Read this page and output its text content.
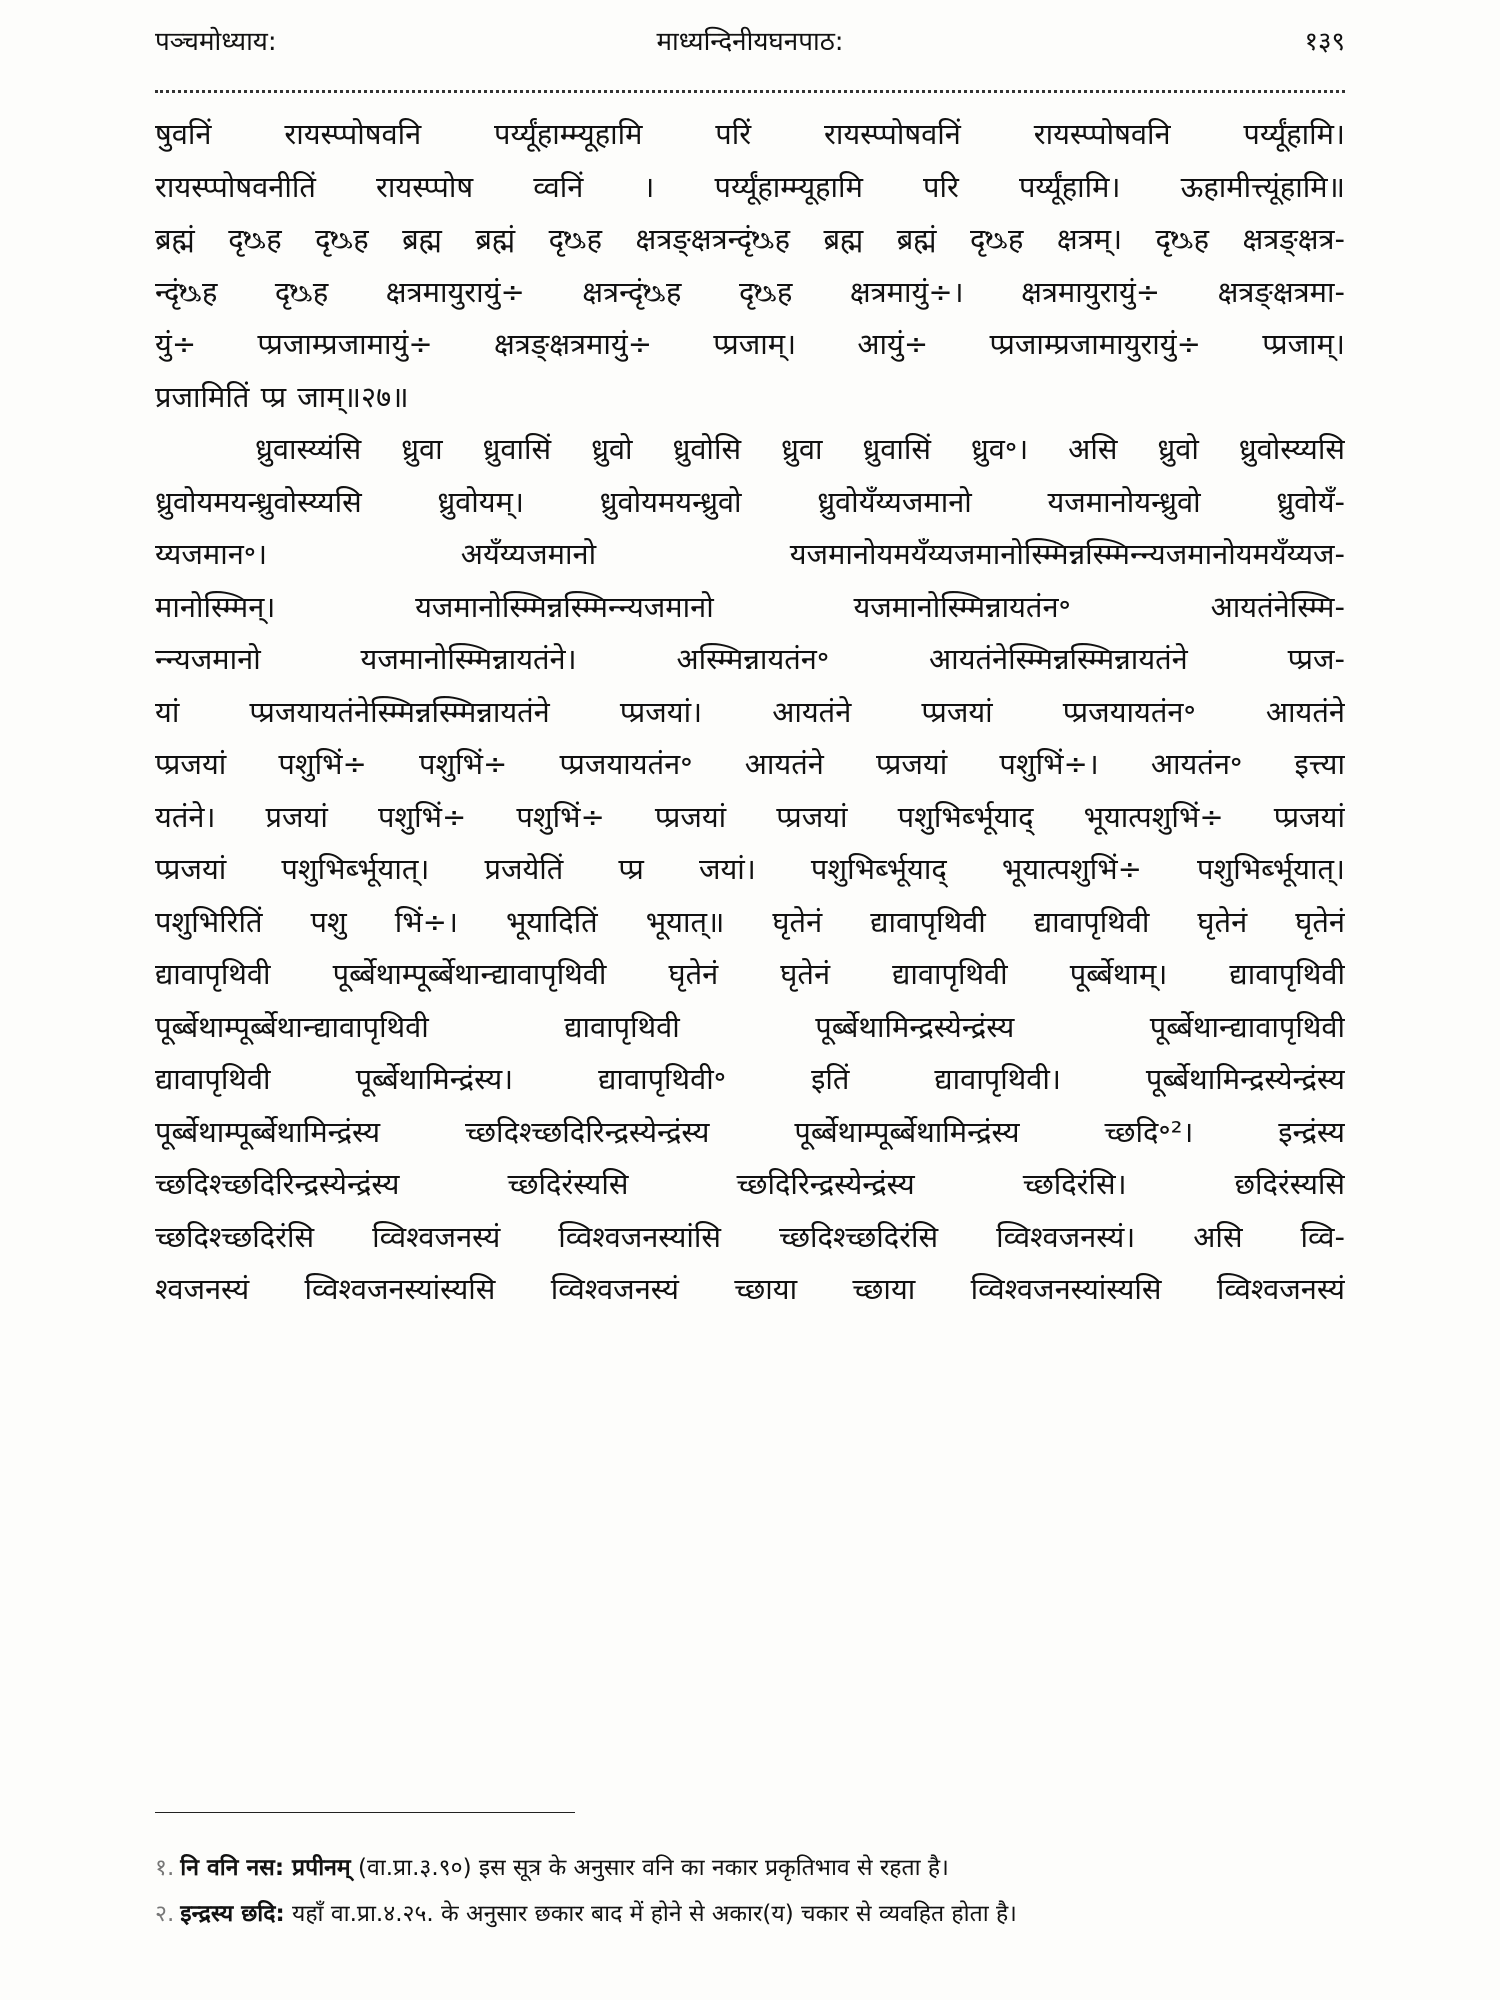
पञ्चमोध्याय:	माध्यन्दिनीयघनपाठ:	१३९
षुवनिं रायस्प्पोषवनि पर्य्यूंहाम्म्यूहामि परिं रायस्प्पोषवनिं रायस्प्पोषवनि पर्य्यूंहामि।
रायस्प्पोषवनीतिं रायस्प्पोष व्वनिं । पर्य्यूंहाम्म्यूहामि परि पर्य्यूंहामि। ऊहामीत्त्यूंहामि॥
ब्रह्मं दृᳬह दृᳬह ब्रह्म ब्रह्मं दृᳬह क्षत्रङ्क्षत्रन्दृंᳬह ब्रह्म ब्रह्मं दृᳬह क्षत्रम्। दृᳬह क्षत्रङ्क्षत्र-
न्दृंᳬह दृᳬह क्षत्रमायुरायुं÷ क्षत्रन्दृंᳬह दृᳬह क्षत्रमायुं÷। क्षत्रमायुरायुं÷ क्षत्रङ्क्षत्रमा-
युं÷ प्प्रजाम्प्रजामायुं÷ क्षत्रङ्क्षत्रमायुं÷ प्प्रजाम्। आयुं÷ प्प्रजाम्प्रजामायुरायुं÷ प्प्रजाम्।
प्रजामितिं प्प्र जाम्॥२७॥
ध्रुवास्य्यंसि ध्रुवा ध्रुवासिं ध्रुवो ध्रुवोसि ध्रुवा ध्रुवासिं ध्रुव॰। असि ध्रुवो ध्रुवोस्य्यसि
ध्रुवोयमयन्ध्रुवोस्य्यसि ध्रुवोयम्। ध्रुवोयमयन्ध्रुवो ध्रुवोयँय्यजमानो यजमानोयन्ध्रुवो ध्रुवोयँ-
य्यजमान॰। अयँय्यजमानो यजमानोयमयँय्यजमानोस्म्मिन्नस्म्मिन्न्यजमानोयमयँय्यज-
मानोस्म्मिन्। यजमानोस्म्मिन्नस्म्मिन्न्यजमानो यजमानोस्म्मिन्नायतंन॰ आयतंनेस्म्मि-
न्न्यजमानो यजमानोस्म्मिन्नायतंने। अस्म्मिन्नायतंन॰ आयतंनेस्म्मिन्नस्म्मिन्नायतंने प्प्रज-
यां प्प्रजयायतंनेस्म्मिन्नस्म्मिन्नायतंने प्प्रजयां। आयतंने प्प्रजयां प्प्रजयायतंन॰ आयतंने
प्प्रजयां पशुभिं÷ पशुभिं÷ प्प्रजयायतंन॰ आयतंने प्प्रजयां पशुभिं÷। आयतंन॰ इत्त्या
यतंने। प्रजयां पशुभिं÷ पशुभिं÷ प्प्रजयां प्प्रजयां पशुभिर्ब्भूयाद् भूयात्पशुभिं÷ प्प्रजयां
प्प्रजयां पशुभिर्ब्भूयात्। प्रजयेतिं प्प्र जयां। पशुभिर्ब्भूयाद् भूयात्पशुभिं÷ पशुभिर्ब्भूयात्।
पशुभिरितिं पशु भिं÷। भूयादितिं भूयात्॥ घृतेनं द्यावापृथिवी द्यावापृथिवी घृतेनं घृतेनं
द्यावापृथिवी पूर्ब्बेथाम्पूर्ब्बेथान्द्यावापृथिवी घृतेनं घृतेनं द्यावापृथिवी पूर्ब्बेथाम्। द्यावापृथिवी
पूर्ब्बेथाम्पूर्ब्बेथान्द्यावापृथिवी द्यावापृथिवी पूर्ब्बेथामिन्द्रस्येन्द्रंस्य पूर्ब्बेथान्द्यावापृथिवी
द्यावापृथिवी पूर्ब्बेथामिन्द्रंस्य। द्यावापृथिवी॰ इतिं द्यावापृथिवी। पूर्ब्बेथामिन्द्रस्येन्द्रंस्य
पूर्ब्बेथाम्पूर्ब्बेथामिन्द्रंस्य च्छदिश्च्छदिरिन्द्रस्येन्द्रंस्य पूर्ब्बेथाम्पूर्ब्बेथामिन्द्रंस्य च्छदि॰²। इन्द्रंस्य
च्छदिश्च्छदिरिन्द्रस्येन्द्रंस्य च्छदिरंस्यसि च्छदिरिन्द्रस्येन्द्रंस्य च्छदिरंसि। छदिरंस्यसि
च्छदिश्च्छदिरंसि व्विश्वजनस्यं व्विश्वजनस्यांसि च्छदिश्च्छदिरंसि व्विश्वजनस्यं। असि व्वि-
श्वजनस्यं व्विश्वजनस्यांस्यसि व्विश्वजनस्यं च्छाया च्छाया व्विश्वजनस्यांस्यसि व्विश्वजनस्यं
१. नि वनि नस: प्रपीनम् (वा.प्रा.३.९०) इस सूत्र के अनुसार वनि का नकार प्रकृतिभाव से रहता है।
२. इन्द्रस्य छदि: यहाँ वा.प्रा.४.२५. के अनुसार छकार बाद में होने से अकार(य) चकार से व्यवहित होता है।
